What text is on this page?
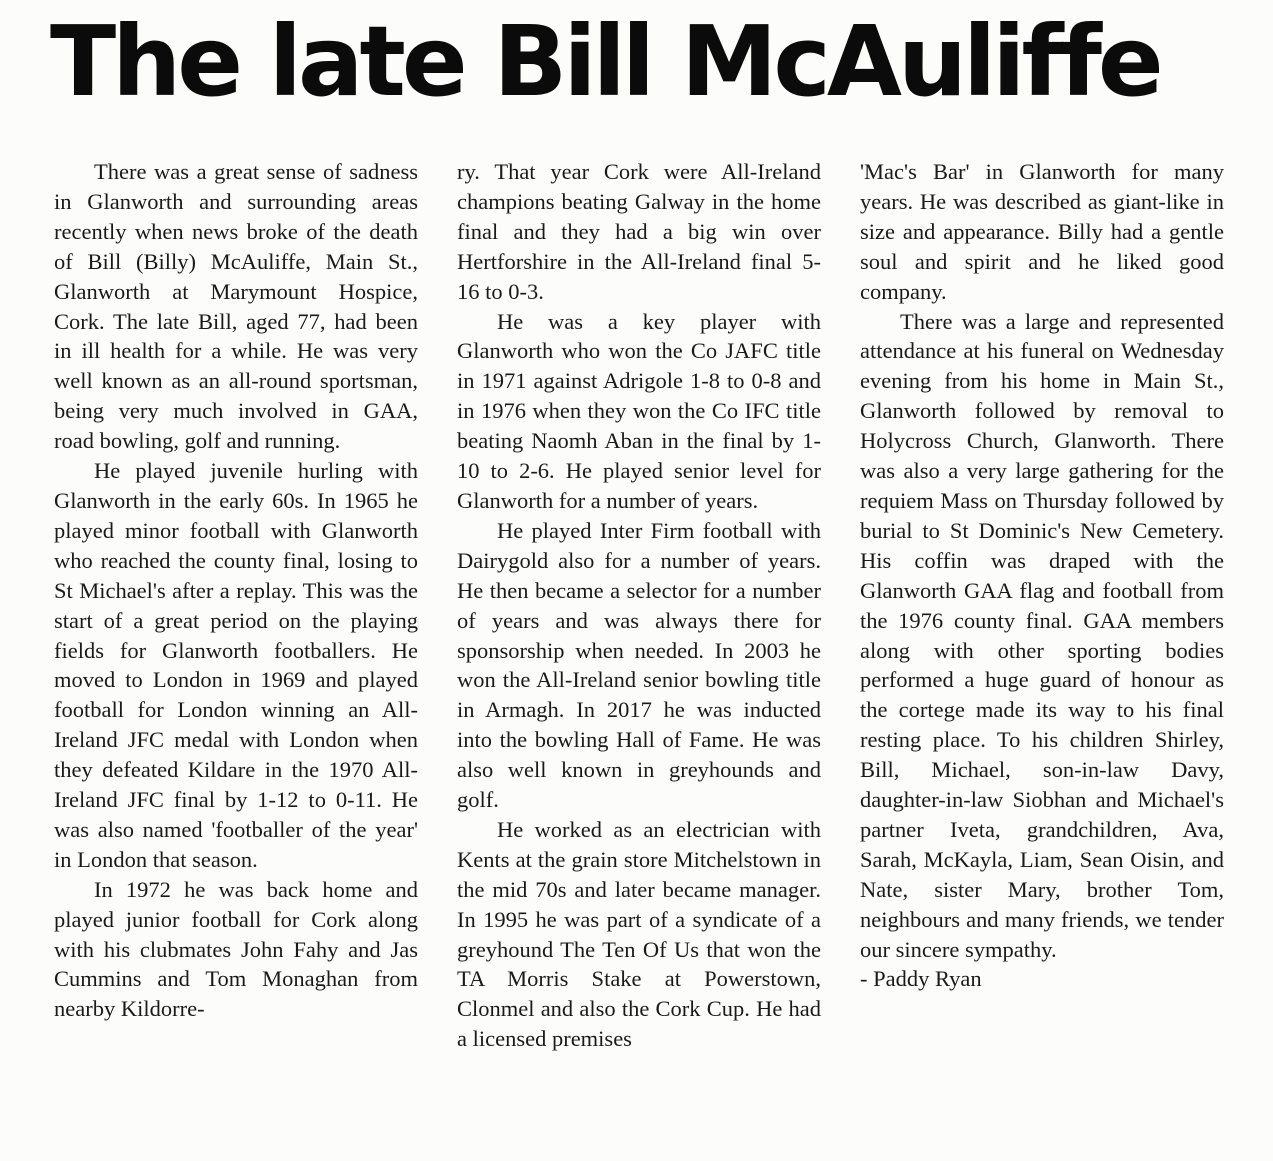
The late Bill McAuliffe

There was a great sense of sadness in Glanworth and surrounding areas recently when news broke of the death of Bill (Billy) McAuliffe, Main St., Glanworth at Marymount Hospice, Cork. The late Bill, aged 77, had been in ill health for a while. He was very well known as an all-round sportsman, being very much involved in GAA, road bowling, golf and running.

He played juvenile hurling with Glanworth in the early 60s. In 1965 he played minor football with Glanworth who reached the county final, losing to St Michael's after a replay. This was the start of a great period on the playing fields for Glanworth footballers. He moved to London in 1969 and played football for London winning an All-Ireland JFC medal with London when they defeated Kildare in the 1970 All-Ireland JFC final by 1-12 to 0-11. He was also named 'footballer of the year' in London that season.

In 1972 he was back home and played junior football for Cork along with his clubmates John Fahy and Jas Cummins and Tom Monaghan from nearby Kildorre-

ry. That year Cork were All-Ireland champions beating Galway in the home final and they had a big win over Hertforshire in the All-Ireland final 5-16 to 0-3.

He was a key player with Glanworth who won the Co JAFC title in 1971 against Adrigole 1-8 to 0-8 and in 1976 when they won the Co IFC title beating Naomh Aban in the final by 1-10 to 2-6. He played senior level for Glanworth for a number of years.

He played Inter Firm football with Dairygold also for a number of years. He then became a selector for a number of years and was always there for sponsorship when needed. In 2003 he won the All-Ireland senior bowling title in Armagh. In 2017 he was inducted into the bowling Hall of Fame. He was also well known in greyhounds and golf.

He worked as an electrician with Kents at the grain store Mitchelstown in the mid 70s and later became manager. In 1995 he was part of a syndicate of a greyhound The Ten Of Us that won the TA Morris Stake at Powerstown, Clonmel and also the Cork Cup. He had a licensed premises

'Mac's Bar' in Glanworth for many years. He was described as giant-like in size and appearance. Billy had a gentle soul and spirit and he liked good company.

There was a large and represented attendance at his funeral on Wednesday evening from his home in Main St., Glanworth followed by removal to Holycross Church, Glanworth. There was also a very large gathering for the requiem Mass on Thursday followed by burial to St Dominic's New Cemetery. His coffin was draped with the Glanworth GAA flag and football from the 1976 county final. GAA members along with other sporting bodies performed a huge guard of honour as the cortege made its way to his final resting place. To his children Shirley, Bill, Michael, son-in-law Davy, daughter-in-law Siobhan and Michael's partner Iveta, grandchildren, Ava, Sarah, McKayla, Liam, Sean Oisin, and Nate, sister Mary, brother Tom, neighbours and many friends, we tender our sincere sympathy.

- Paddy Ryan
